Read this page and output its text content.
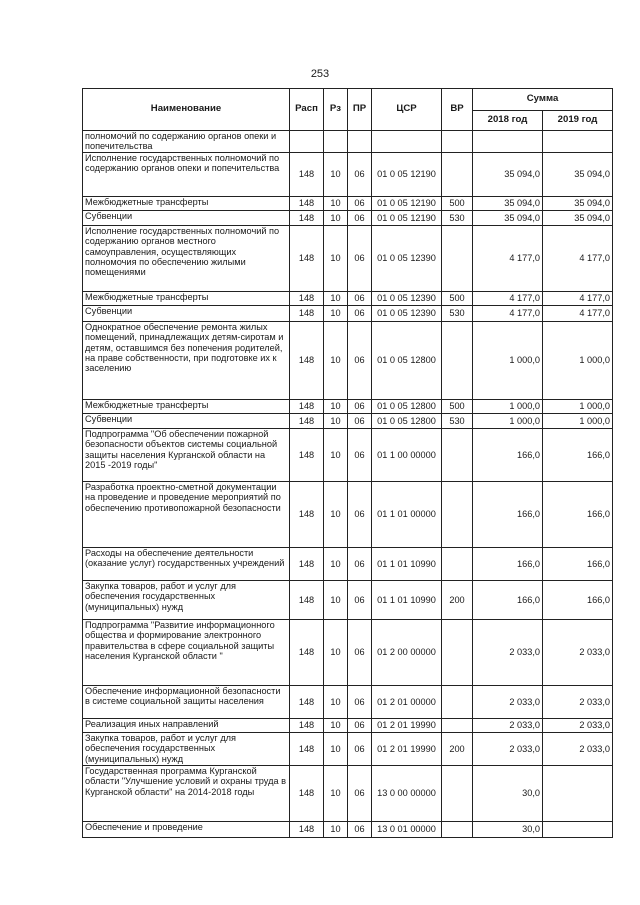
253
Наименование	Расп	Рз	ПР	ЦСР	ВР	Сумма	
						2018 год	2019 год
полномочий по содержанию органов опеки и попечительства							
Исполнение государственных полномочий по содержанию органов опеки и попечительства	148	10	06	01 0 05 12190		35 094,0	35 094,0
Межбюджетные трансферты	148	10	06	01 0 05 12190	500	35 094,0	35 094,0
Субвенции	148	10	06	01 0 05 12190	530	35 094,0	35 094,0
Исполнение государственных полномочий по содержанию органов местного самоуправления, осуществляющих полномочия по обеспечению жилыми помещениями	148	10	06	01 0 05 12390		4 177,0	4 177,0
Межбюджетные трансферты	148	10	06	01 0 05 12390	500	4 177,0	4 177,0
Субвенции	148	10	06	01 0 05 12390	530	4 177,0	4 177,0
Однократное обеспечение ремонта жилых помещений, принадлежащих детям-сиротам и детям, оставшимся без попечения родителей, на праве собственности, при подготовке их к заселению	148	10	06	01 0 05 12800		1 000,0	1 000,0
Межбюджетные трансферты	148	10	06	01 0 05 12800	500	1 000,0	1 000,0
Субвенции	148	10	06	01 0 05 12800	530	1 000,0	1 000,0
Подпрограмма "Об обеспечении пожарной безопасности объектов системы социальной защиты населения Курганской области на 2015 -2019 годы"	148	10	06	01 1 00 00000		166,0	166,0
Разработка проектно-сметной документации на проведение и проведение мероприятий по обеспечению противопожарной безопасности	148	10	06	01 1 01 00000		166,0	166,0
Расходы на обеспечение деятельности (оказание услуг) государственных учреждений	148	10	06	01 1 01 10990		166,0	166,0
Закупка товаров, работ и услуг для обеспечения государственных (муниципальных) нужд	148	10	06	01 1 01 10990	200	166,0	166,0
Подпрограмма "Развитие информационного общества и формирование электронного правительства в сфере социальной защиты населения Курганской области "	148	10	06	01 2 00 00000		2 033,0	2 033,0
Обеспечение информационной безопасности в системе социальной защиты населения	148	10	06	01 2 01 00000		2 033,0	2 033,0
Реализация иных направлений	148	10	06	01 2 01 19990		2 033,0	2 033,0
Закупка товаров, работ и услуг для обеспечения государственных (муниципальных) нужд	148	10	06	01 2 01 19990	200	2 033,0	2 033,0
Государственная программа Курганской области "Улучшение условий и охраны труда в Курганской области" на 2014-2018 годы	148	10	06	13 0 00 00000		30,0	
Обеспечение и проведение	148	10	06	13 0 01 00000		30,0	
